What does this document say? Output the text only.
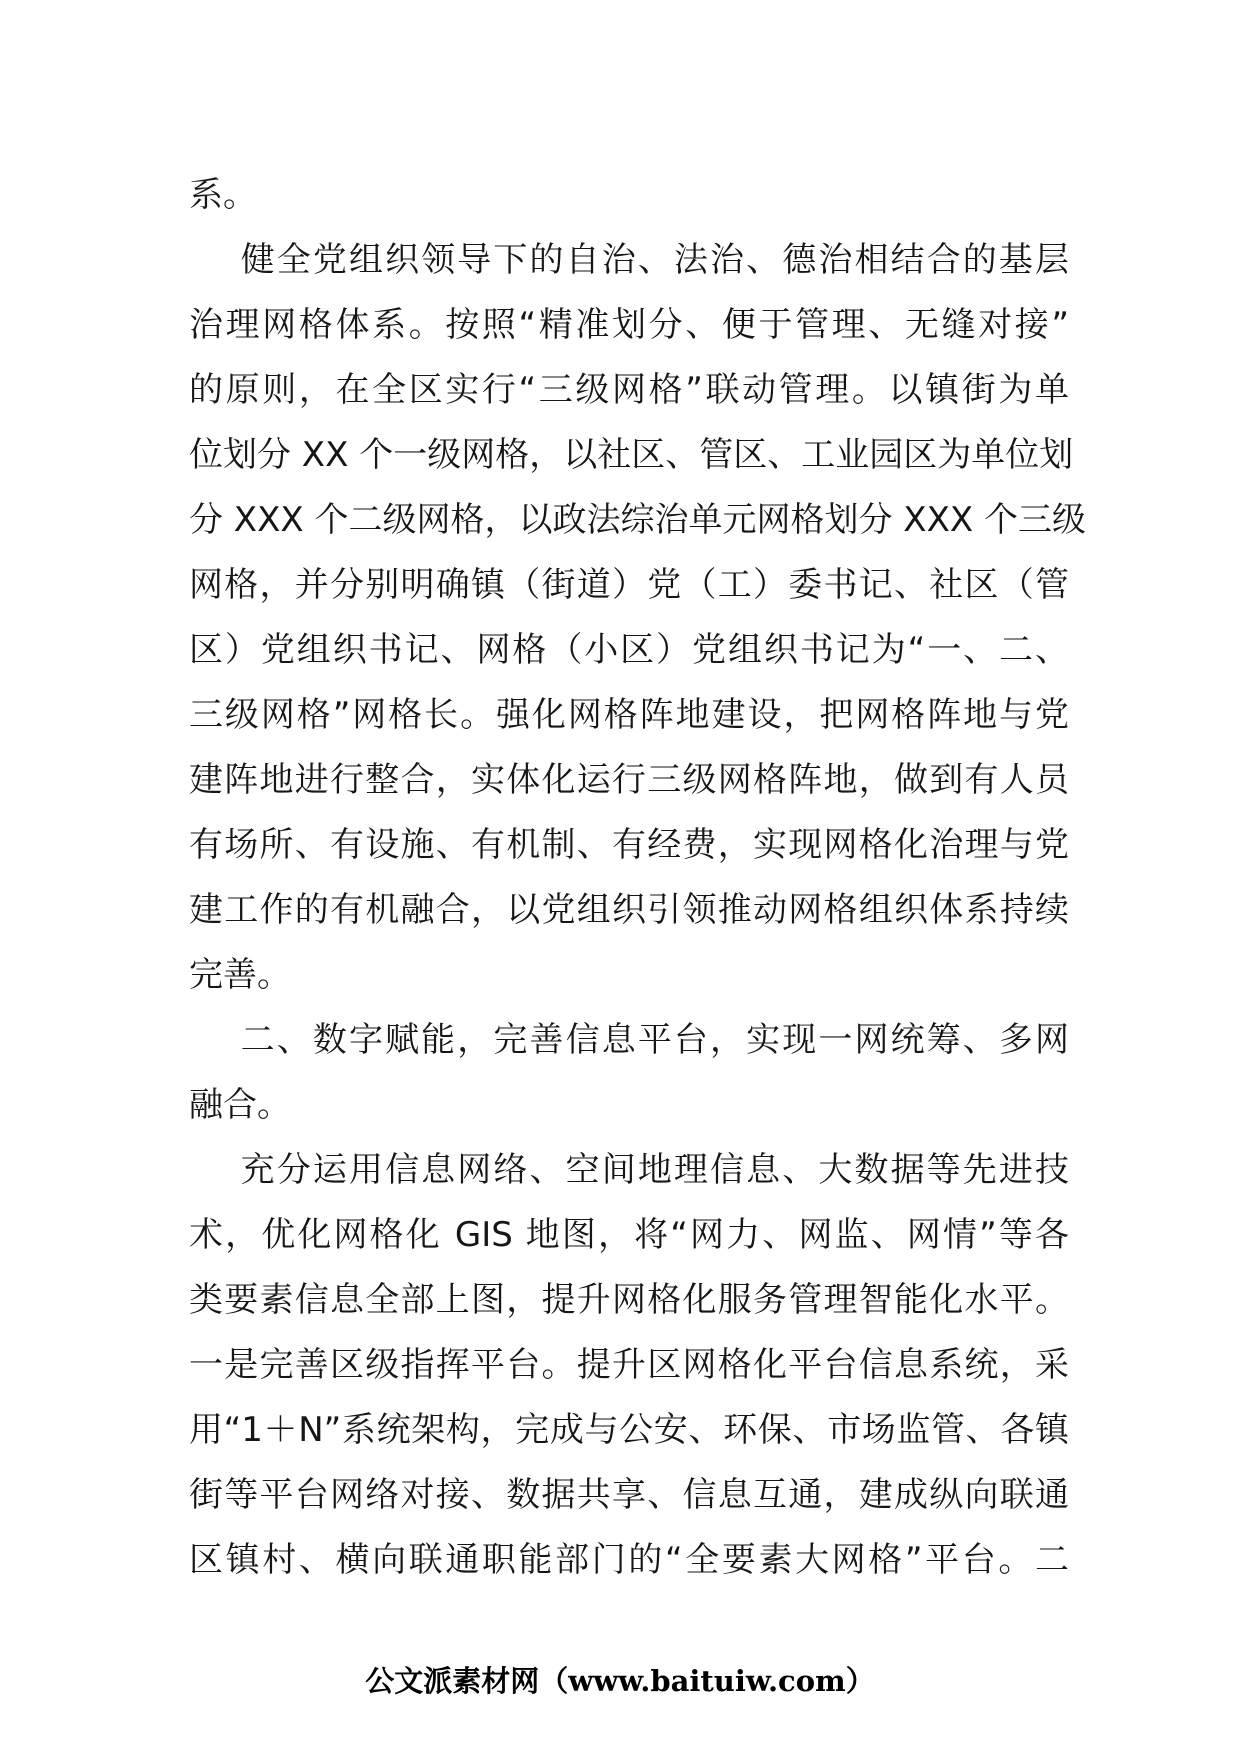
系。
健全党组织领导下的自治、法治、德治相结合的基层
治理网格体系。按照“精准划分、便于管理、无缝对接”
的原则，在全区实行“三级网格”联动管理。以镇街为单
位划分 XX 个一级网格，以社区、管区、工业园区为单位划
分 XXX 个二级网格，以政法综治单元网格划分 XXX 个三级
网格，并分别明确镇（街道）党（工）委书记、社区（管
区）党组织书记、网格（小区）党组织书记为“一、二、
三级网格”网格长。强化网格阵地建设，把网格阵地与党
建阵地进行整合，实体化运行三级网格阵地，做到有人员
有场所、有设施、有机制、有经费，实现网格化治理与党
建工作的有机融合，以党组织引领推动网格组织体系持续
完善。
二、数字赋能，完善信息平台，实现一网统筹、多网
融合。
充分运用信息网络、空间地理信息、大数据等先进技
术，优化网格化 GIS 地图，将“网力、网监、网情”等各
类要素信息全部上图，提升网格化服务管理智能化水平。
一是完善区级指挥平台。提升区网格化平台信息系统，采
用“1＋N”系统架构，完成与公安、环保、市场监管、各镇
街等平台网络对接、数据共享、信息互通，建成纵向联通
区镇村、横向联通职能部门的“全要素大网格”平台。二
公文派素材网（www.baituiw.com）
